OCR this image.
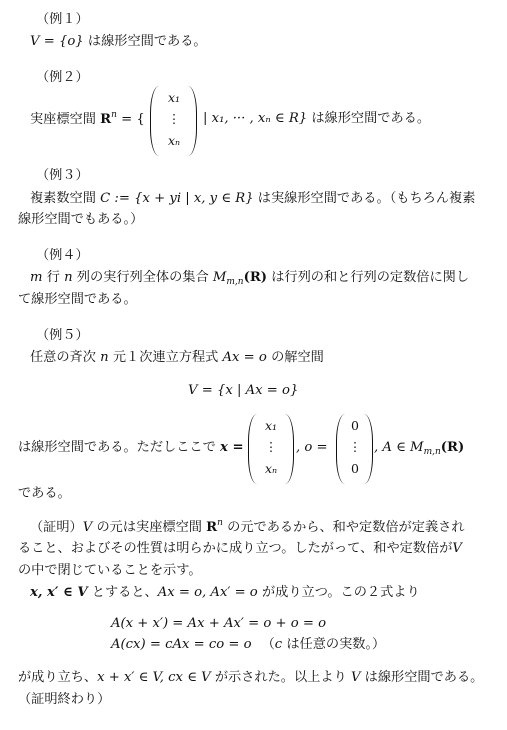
（例１）
V = {o} は線形空間である。
（例２）
実座標空間 $R^n$ = {
x₁
⋮
xₙ
| x₁, ··· , xₙ ∈ R} は線形空間である。
（例３）
複素数空間 C := {x + yi | x, y ∈ R} は実線形空間である。（もちろん複素
線形空間でもある。）
（例４）
m 行 n 列の実行列全体の集合 $M_{m,n}(R)$ は行列の和と行列の定数倍に関し
て線形空間である。
（例５）
任意の斉次 n 元１次連立方程式 Ax = o の解空間
V = {x | Ax = o}
は線形空間である。ただしここで x =
x₁
⋮
xₙ
, o =
0
⋮
0
, A ∈ $M_{m,n}(R)$
である。
（証明）V の元は実座標空間 $R^n$ の元であるから、和や定数倍が定義され
ること、およびその性質は明らかに成り立つ。したがって、和や定数倍がV
の中で閉じていることを示す。
x, x′ ∈ V とすると、Ax = o, Ax′ = o が成り立つ。この２式より
A(x + x′) = Ax + Ax′ = o + o = o
A(cx) = cAx = co = o （c は任意の実数。）
が成り立ち、x + x′ ∈ V, cx ∈ V が示された。以上より V は線形空間である。
（証明終わり）
